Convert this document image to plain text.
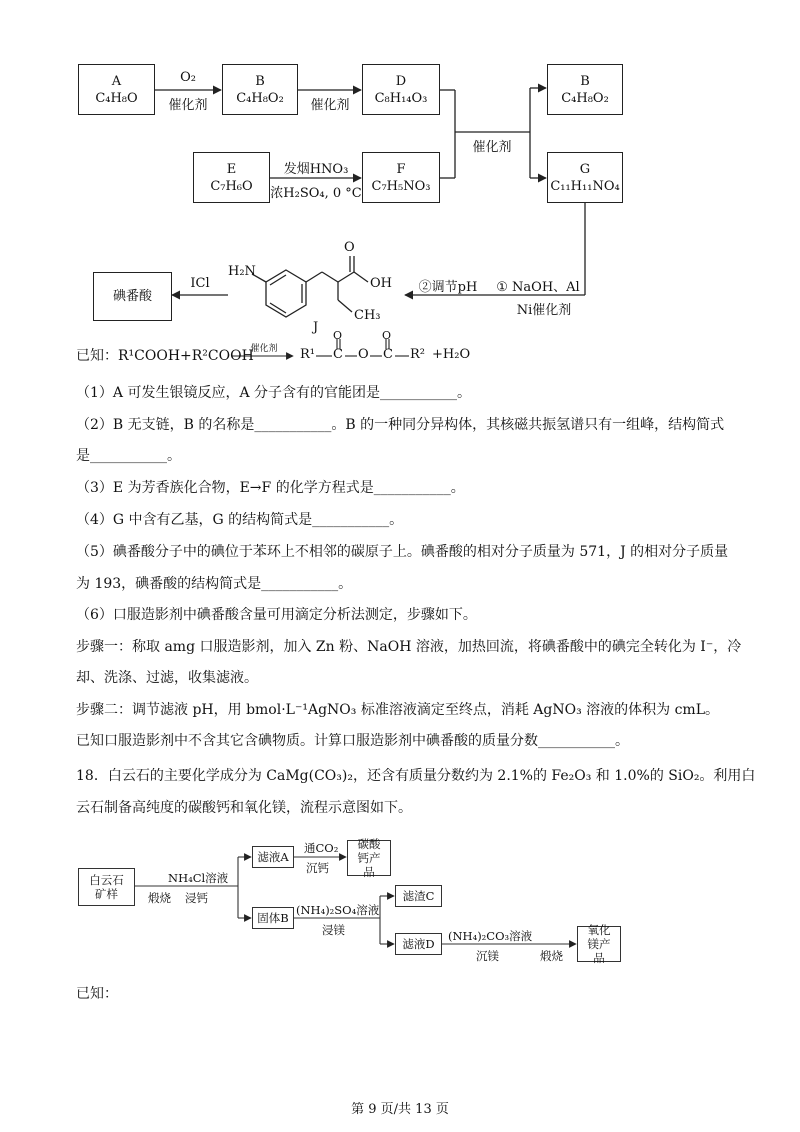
A
C₄H₈O
B
C₄H₈O₂
D
C₈H₁₄O₃
B
C₄H₈O₂
E
C₇H₆O
F
C₇H₅NO₃
G
C₁₁H₁₁NO₄
碘番酸
O₂
催化剂	催化剂
发烟HNO₃
浓H₂SO₄, 0 °C
催化剂
① NaOH、Al
Ni催化剂
②调节pH
ICl
H₂N
O
OH
CH₃
J
已知： R¹COOH+R²COOH
催化剂	R¹ C
O
O C
O
R² +H₂O
（1）A 可发生银镜反应，A 分子含有的官能团是___________。
（2）B 无支链，B 的名称是___________。B 的一种同分异构体，其核磁共振氢谱只有一组峰，结构简式
是___________。
（3）E 为芳香族化合物，E→F 的化学方程式是___________。
（4）G 中含有乙基，G 的结构简式是___________。
（5）碘番酸分子中的碘位于苯环上不相邻的碳原子上。碘番酸的相对分子质量为 571，J 的相对分子质量
为 193，碘番酸的结构简式是___________。
（6）口服造影剂中碘番酸含量可用滴定分析法测定，步骤如下。
步骤一：称取 amg 口服造影剂，加入 Zn 粉、NaOH 溶液，加热回流，将碘番酸中的碘完全转化为 I⁻，冷
却、洗涤、过滤，收集滤液。
步骤二：调节滤液 pH，用 bmol·L⁻¹AgNO₃ 标准溶液滴定至终点，消耗 AgNO₃ 溶液的体积为 cmL。
已知口服造影剂中不含其它含碘物质。计算口服造影剂中碘番酸的质量分数___________。
18．白云石的主要化学成分为 CaMg(CO₃)₂，还含有质量分数约为 2.1%的 Fe₂O₃ 和 1.0%的 SiO₂。利用白
云石制备高纯度的碳酸钙和氧化镁，流程示意图如下。
白云石矿样	煅烧
NH₄Cl溶液
浸钙
滤液A
通CO₂
沉钙
碳酸钙产品
固体B
(NH₄)₂SO₄溶液
浸镁
滤渣C
滤液D
(NH₄)₂CO₃溶液
沉镁	煅烧
氧化镁产品
已知：
第 9 页/共 13 页
